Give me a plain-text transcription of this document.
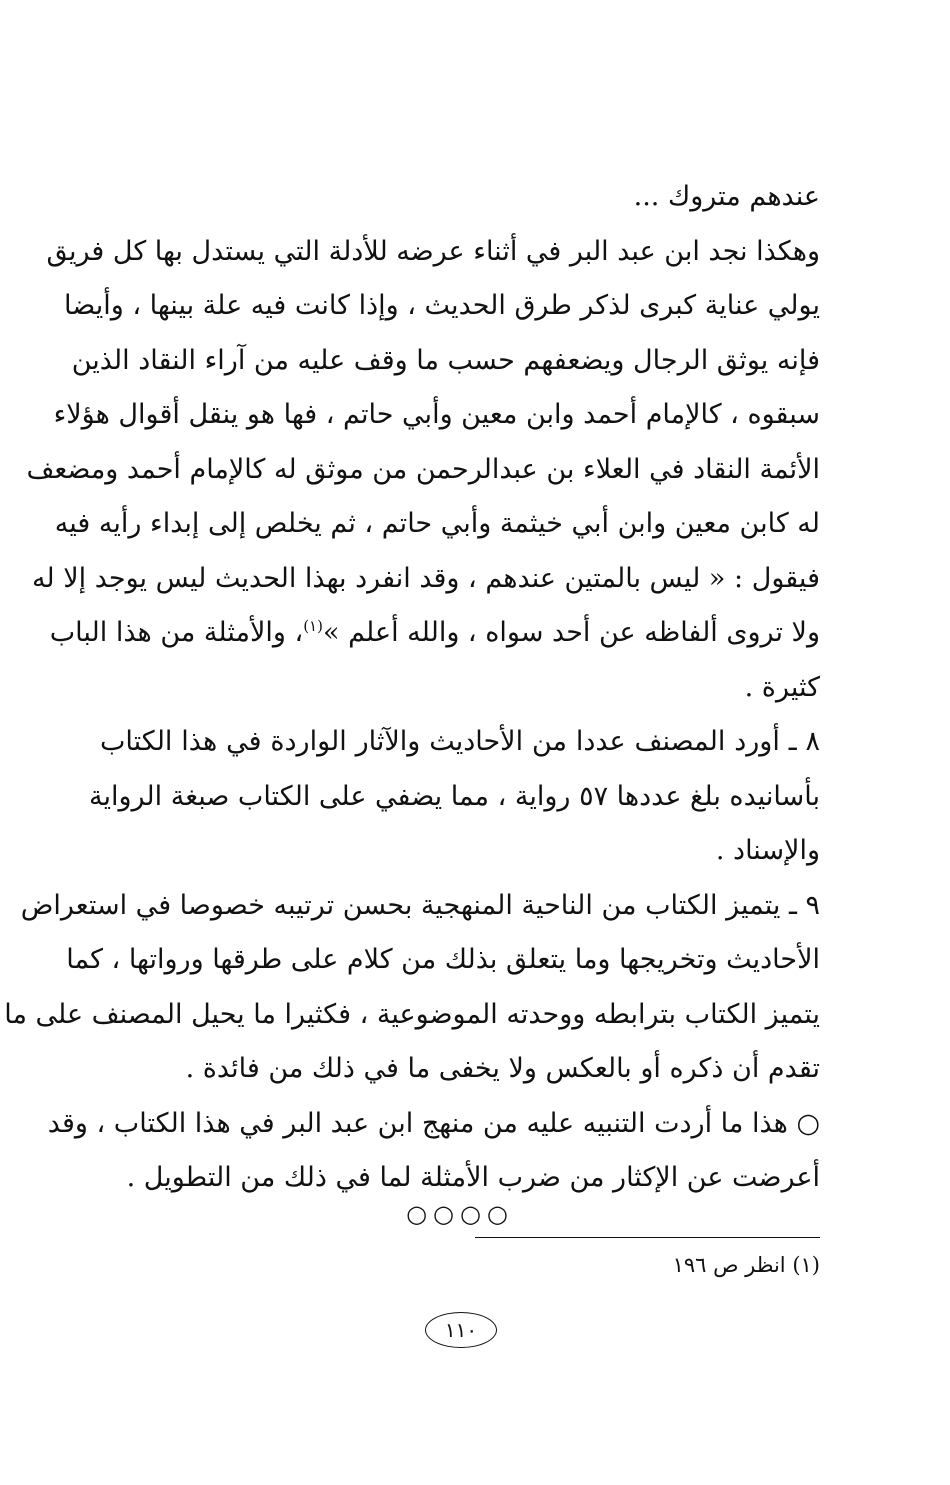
عندهم متروك ...
وهكذا نجد ابن عبد البر في أثناء عرضه للأدلة التي يستدل بها كل فريق
يولي عناية كبرى لذكر طرق الحديث ، وإذا كانت فيه علة بينها ، وأيضا
فإنه يوثق الرجال ويضعفهم حسب ما وقف عليه من آراء النقاد الذين
سبقوه ، كالإمام أحمد وابن معين وأبي حاتم ، فها هو ينقل أقوال هؤلاء
الأئمة النقاد في العلاء بن عبدالرحمن من موثق له كالإمام أحمد ومضعف
له كابن معين وابن أبي خيثمة وأبي حاتم ، ثم يخلص إلى إبداء رأيه فيه
فيقول : « ليس بالمتين عندهم ، وقد انفرد بهذا الحديث ليس يوجد إلا له
ولا تروى ألفاظه عن أحد سواه ، والله أعلم »$^{(١)}$، والأمثلة من هذا الباب
كثيرة .
٨ ـ أورد المصنف عددا من الأحاديث والآثار الواردة في هذا الكتاب
بأسانيده بلغ عددها ٥٧ رواية ، مما يضفي على الكتاب صبغة الرواية
والإسناد .
٩ ـ يتميز الكتاب من الناحية المنهجية بحسن ترتيبه خصوصا في استعراض
الأحاديث وتخريجها وما يتعلق بذلك من كلام على طرقها ورواتها ، كما
يتميز الكتاب بترابطه ووحدته الموضوعية ، فكثيرا ما يحيل المصنف على ما
تقدم أن ذكره أو بالعكس ولا يخفى ما في ذلك من فائدة .
○ هذا ما أردت التنبيه عليه من منهج ابن عبد البر في هذا الكتاب ، وقد
أعرضت عن الإكثار من ضرب الأمثلة لما في ذلك من التطويل .
○○○○
(١) انظر ص ١٩٦
١١٠
